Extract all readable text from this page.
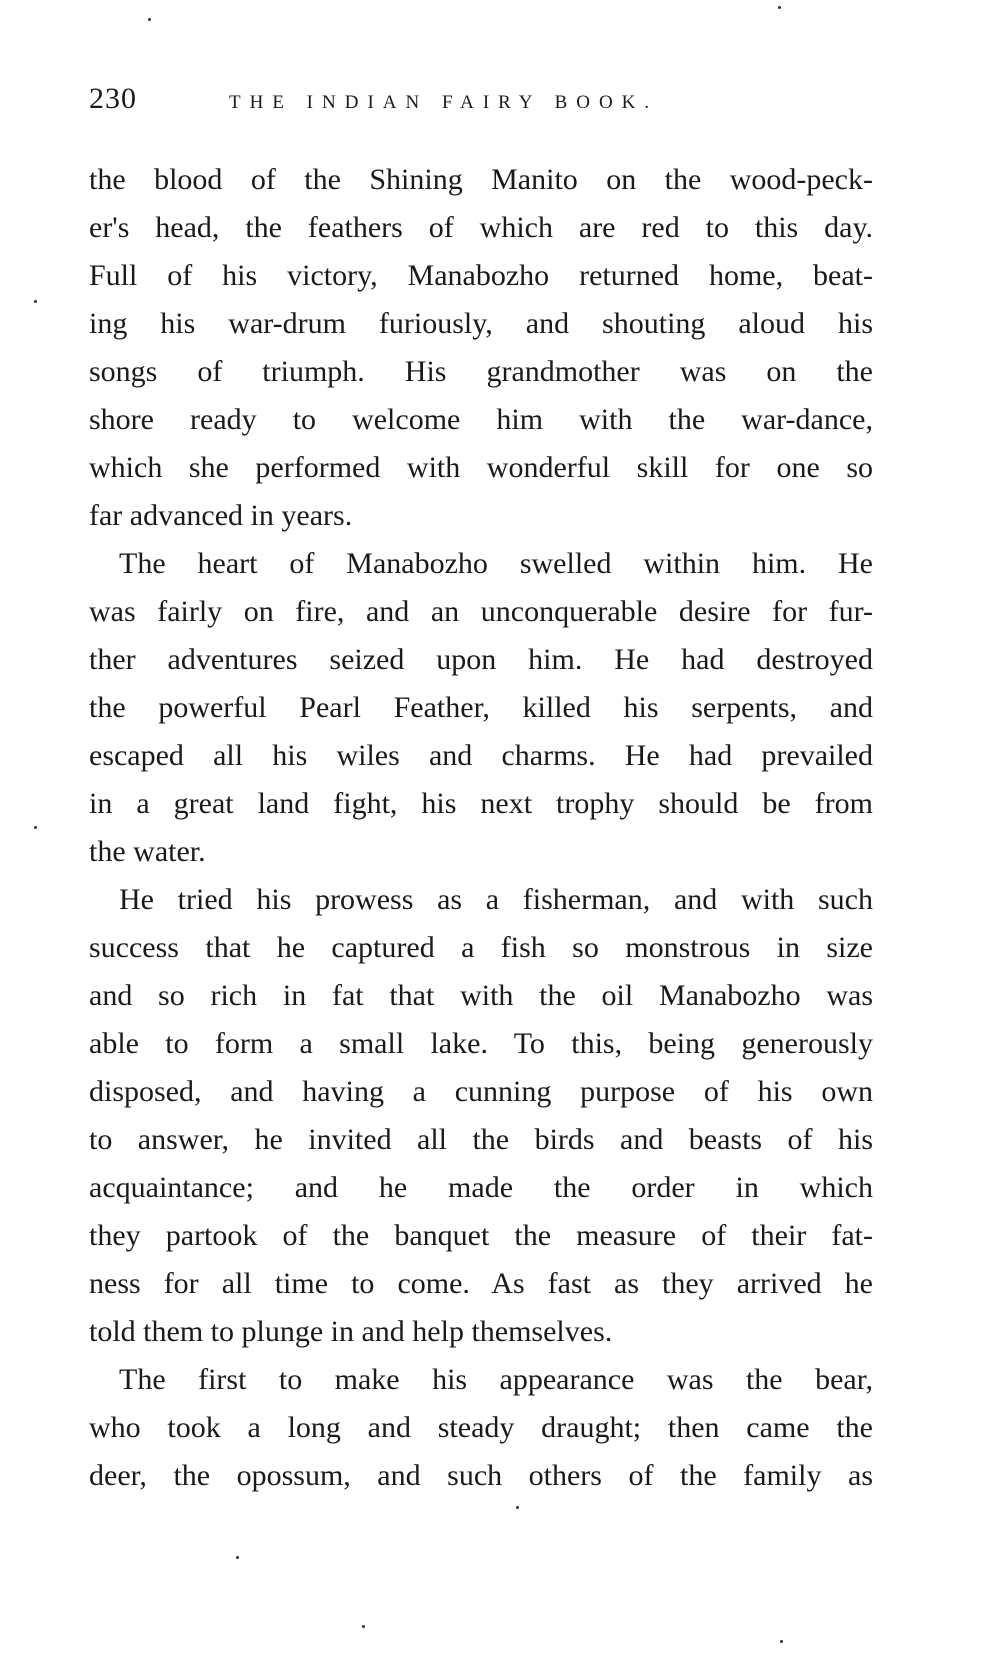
230	THE INDIAN FAIRY BOOK.
the blood of the Shining Manito on the wood-peck-
er's head, the feathers of which are red to this day.
Full of his victory, Manabozho returned home, beat-
ing his war-drum furiously, and shouting aloud his
songs of triumph. His grandmother was on the
shore ready to welcome him with the war-dance,
which she performed with wonderful skill for one so
far advanced in years.
The heart of Manabozho swelled within him. He
was fairly on fire, and an unconquerable desire for fur-
ther adventures seized upon him. He had destroyed
the powerful Pearl Feather, killed his serpents, and
escaped all his wiles and charms. He had prevailed
in a great land fight, his next trophy should be from
the water.
He tried his prowess as a fisherman, and with such
success that he captured a fish so monstrous in size
and so rich in fat that with the oil Manabozho was
able to form a small lake. To this, being generously
disposed, and having a cunning purpose of his own
to answer, he invited all the birds and beasts of his
acquaintance; and he made the order in which
they partook of the banquet the measure of their fat-
ness for all time to come. As fast as they arrived he
told them to plunge in and help themselves.
The first to make his appearance was the bear,
who took a long and steady draught; then came the
deer, the opossum, and such others of the family as
